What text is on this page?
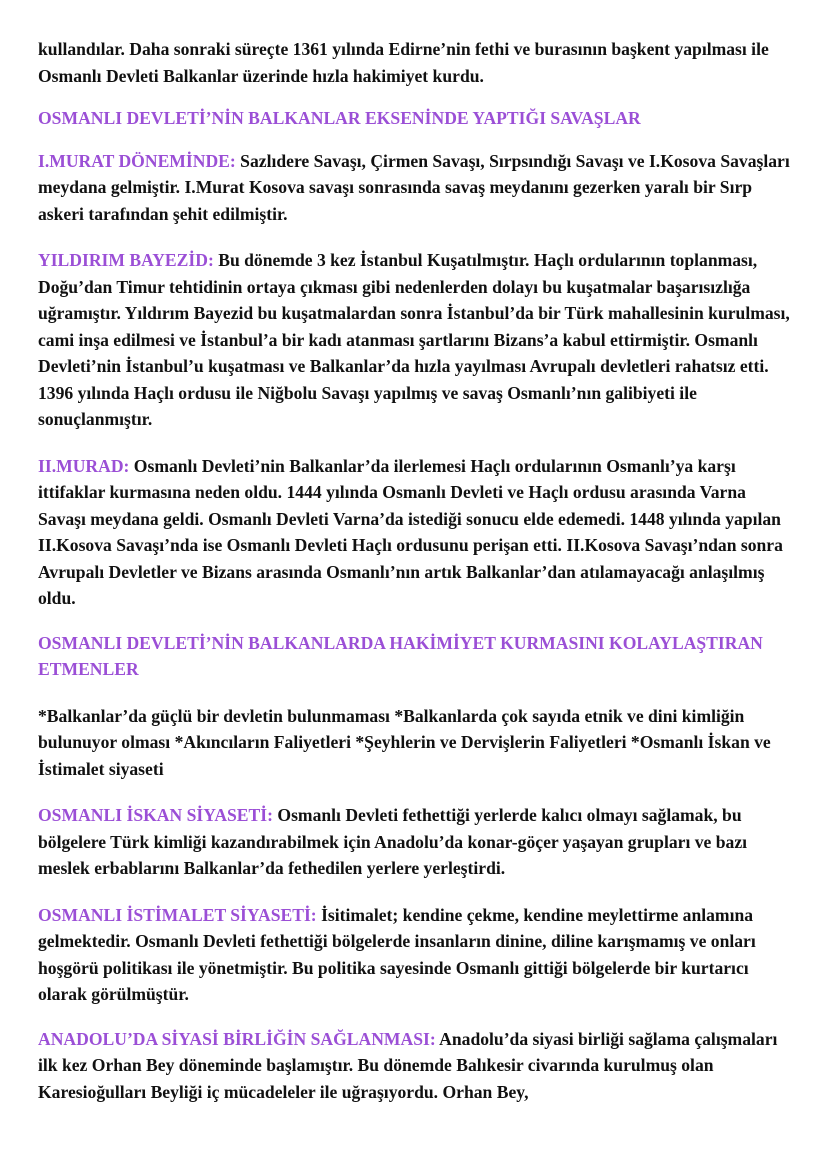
kullandılar. Daha sonraki süreçte 1361 yılında Edirne’nin fethi ve burasının başkent yapılması ile Osmanlı Devleti Balkanlar üzerinde hızla hakimiyet kurdu.

OSMANLI DEVLETİ’NİN BALKANLAR EKSENİNDE YAPTIĞI SAVAŞLAR

I.MURAT DÖNEMİNDE: Sazlıdere Savaşı, Çirmen Savaşı, Sırpsındığı Savaşı ve I.Kosova Savaşları meydana gelmiştir. I.Murat Kosova savaşı sonrasında savaş meydanını gezerken yaralı bir Sırp askeri tarafından şehit edilmiştir.

YILDIRIM BAYEZİD: Bu dönemde 3 kez İstanbul Kuşatılmıştır. Haçlı ordularının toplanması, Doğu’dan Timur tehtidinin ortaya çıkması gibi nedenlerden dolayı bu kuşatmalar başarısızlığa uğramıştır. Yıldırım Bayezid bu kuşatmalardan sonra İstanbul’da bir Türk mahallesinin kurulması, cami inşa edilmesi ve İstanbul’a bir kadı atanması şartlarını Bizans’a kabul ettirmiştir. Osmanlı Devleti’nin İstanbul’u kuşatması ve Balkanlar’da hızla yayılması Avrupalı devletleri rahatsız etti. 1396 yılında Haçlı ordusu ile Niğbolu Savaşı yapılmış ve savaş Osmanlı’nın galibiyeti ile sonuçlanmıştır.

II.MURAD: Osmanlı Devleti’nin Balkanlar’da ilerlemesi Haçlı ordularının Osmanlı’ya karşı ittifaklar kurmasına neden oldu. 1444 yılında Osmanlı Devleti ve Haçlı ordusu arasında Varna Savaşı meydana geldi. Osmanlı Devleti Varna’da istediği sonucu elde edemedi. 1448 yılında yapılan II.Kosova Savaşı’nda ise Osmanlı Devleti Haçlı ordusunu perişan etti. II.Kosova Savaşı’ndan sonra Avrupalı Devletler ve Bizans arasında Osmanlı’nın artık Balkanlar’dan atılamayacağı anlaşılmış oldu.

OSMANLI DEVLETİ’NİN BALKANLARDA HAKİMİYET KURMASINI KOLAYLAŞTIRAN ETMENLER

*Balkanlar’da güçlü bir devletin bulunmaması *Balkanlarda çok sayıda etnik ve dini kimliğin bulunuyor olması *Akıncıların Faliyetleri *Şeyhlerin ve Dervişlerin Faliyetleri *Osmanlı İskan ve İstimalet siyaseti

OSMANLI İSKAN SİYASETİ: Osmanlı Devleti fethettiği yerlerde kalıcı olmayı sağlamak, bu bölgelere Türk kimliği kazandırabilmek için Anadolu’da konar-göçer yaşayan grupları ve bazı meslek erbablarını Balkanlar’da fethedilen yerlere yerleştirdi.

OSMANLI İSTİMALET SİYASETİ: İsitimalet; kendine çekme, kendine meylettirme anlamına gelmektedir. Osmanlı Devleti fethettiği bölgelerde insanların dinine, diline karışmamış ve onları hoşgörü politikası ile yönetmiştir. Bu politika sayesinde Osmanlı gittiği bölgelerde bir kurtarıcı olarak görülmüştür.

ANADOLU’DA SİYASİ BİRLİĞİN SAĞLANMASI: Anadolu’da siyasi birliği sağlama çalışmaları ilk kez Orhan Bey döneminde başlamıştır. Bu dönemde Balıkesir civarında kurulmuş olan Karesioğulları Beyliği iç mücadeleler ile uğraşıyordu. Orhan Bey,
